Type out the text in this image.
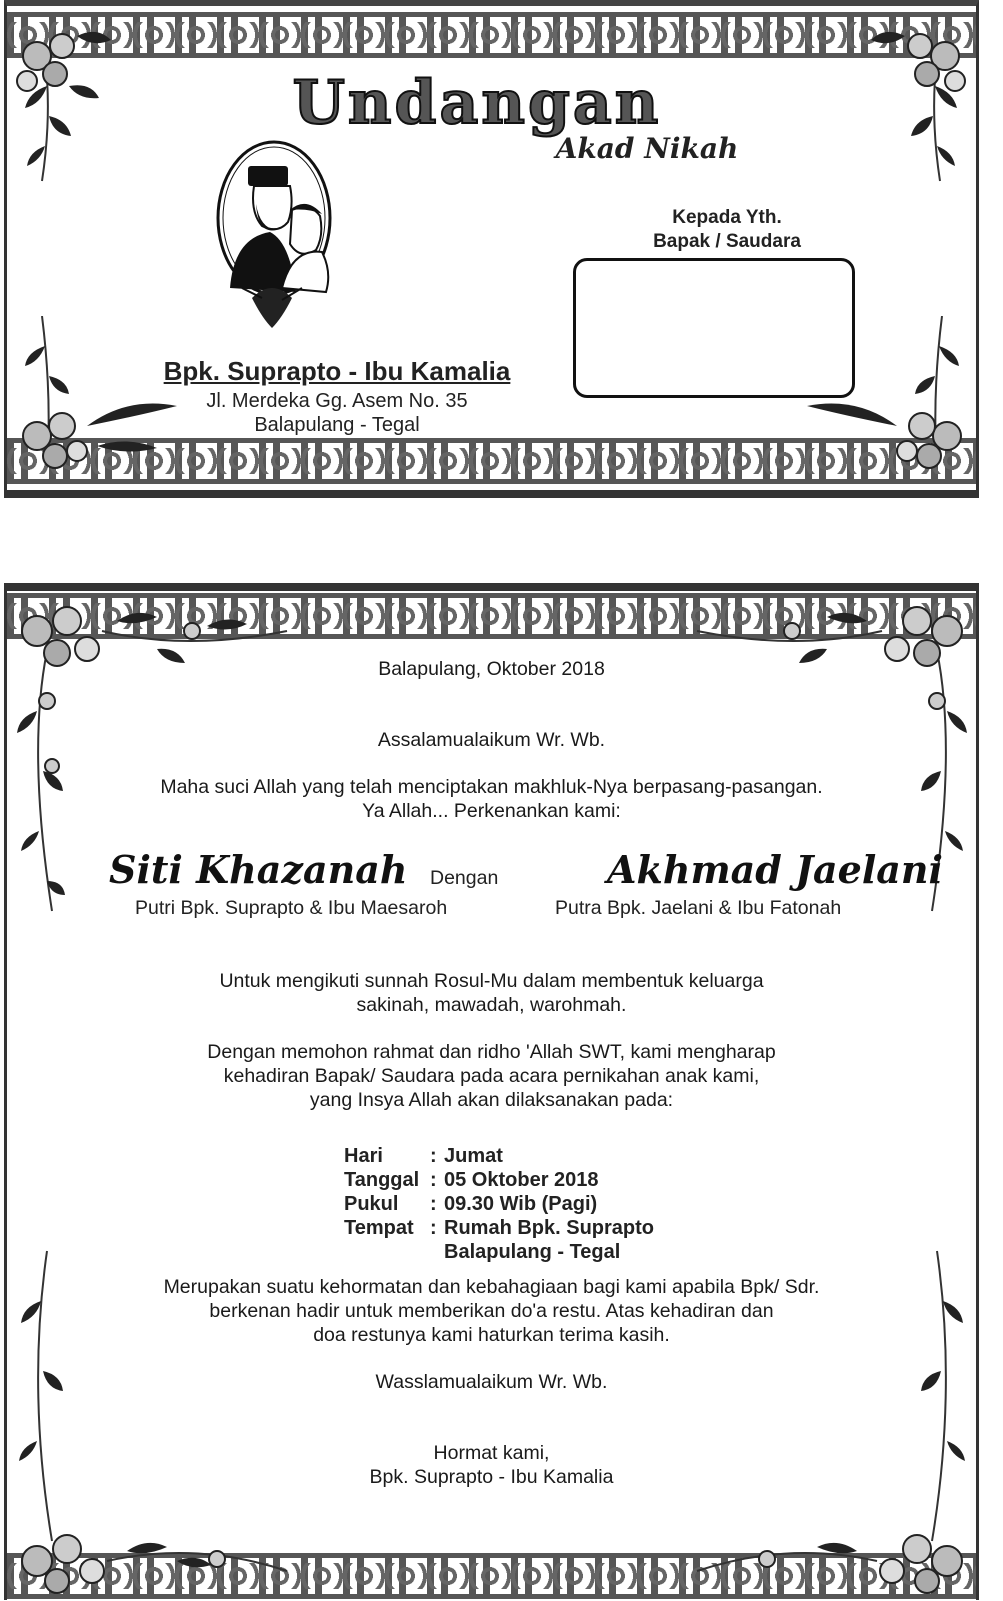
Undangan
Akad Nikah
Kepada Yth.
Bapak / Saudara
Bpk. Suprapto - Ibu Kamalia
Jl. Merdeka Gg. Asem No. 35
Balapulang - Tegal
Balapulang, Oktober 2018
Assalamualaikum Wr. Wb.
Maha suci Allah yang telah menciptakan makhluk-Nya berpasang-pasangan.
Ya Allah... Perkenankan kami:
Siti Khazanah
Putri Bpk. Suprapto & Ibu Maesaroh
Dengan	Akhmad Jaelani
Putra Bpk. Jaelani & Ibu Fatonah
Untuk mengikuti sunnah Rosul-Mu dalam membentuk keluarga
sakinah, mawadah, warohmah.
Dengan memohon rahmat dan ridho 'Allah SWT, kami mengharap
kehadiran Bapak/ Saudara pada acara pernikahan anak kami,
yang Insya Allah akan dilaksanakan pada:
Hari	: Jumat
Tanggal : 05 Oktober 2018
Pukul	: 09.30 Wib (Pagi)
Tempat : Rumah Bpk. Suprapto
Balapulang - Tegal
Merupakan suatu kehormatan dan kebahagiaan bagi kami apabila Bpk/ Sdr.
berkenan hadir untuk memberikan do'a restu. Atas kehadiran dan
doa restunya kami haturkan terima kasih.
Wasslamualaikum Wr. Wb.
Hormat kami,
Bpk. Suprapto - Ibu Kamalia
